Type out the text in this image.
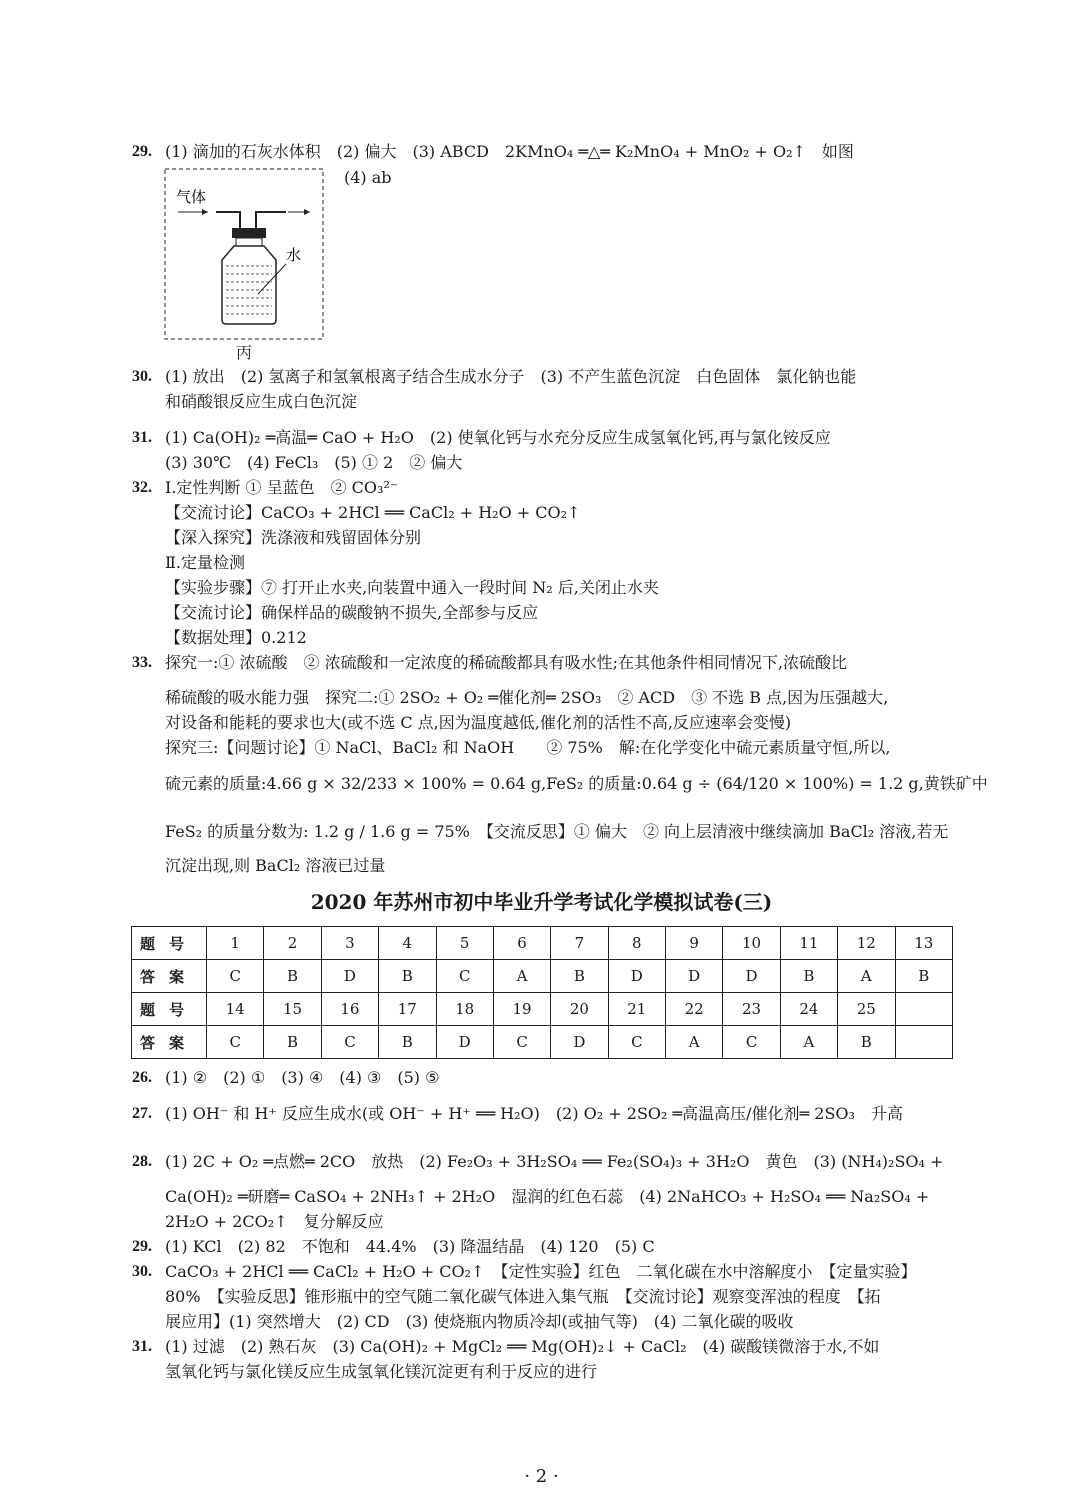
29. (1) 滴加的石灰水体积　(2) 偏大　(3) ABCD　2KMnO₄ ═△═ K₂MnO₄ + MnO₂ + O₂↑　如图
(4) ab
气体
水
丙
30. (1) 放出　(2) 氢离子和氢氧根离子结合生成水分子　(3) 不产生蓝色沉淀　白色固体　氯化钠也能
和硝酸银反应生成白色沉淀
31. (1) Ca(OH)₂ ═高温═ CaO + H₂O　(2) 使氧化钙与水充分反应生成氢氧化钙,再与氯化铵反应
(3) 30℃　(4) FeCl₃　(5) ① 2　② 偏大
32. Ⅰ.定性判断 ① 呈蓝色　② CO₃²⁻
【交流讨论】CaCO₃ + 2HCl ══ CaCl₂ + H₂O + CO₂↑
【深入探究】洗涤液和残留固体分别
Ⅱ.定量检测
【实验步骤】⑦ 打开止水夹,向装置中通入一段时间 N₂ 后,关闭止水夹
【交流讨论】确保样品的碳酸钠不损失,全部参与反应
【数据处理】0.212
33. 探究一:① 浓硫酸　② 浓硫酸和一定浓度的稀硫酸都具有吸水性;在其他条件相同情况下,浓硫酸比
稀硫酸的吸水能力强　探究二:① 2SO₂ + O₂ ═催化剂═ 2SO₃　② ACD　③ 不选 B 点,因为压强越大,
对设备和能耗的要求也大(或不选 C 点,因为温度越低,催化剂的活性不高,反应速率会变慢)
探究三:【问题讨论】① NaCl、BaCl₂ 和 NaOH　　② 75%　解:在化学变化中硫元素质量守恒,所以,
硫元素的质量:4.66 g × 32/233 × 100% = 0.64 g,FeS₂ 的质量:0.64 g ÷ (64/120 × 100%) = 1.2 g,黄铁矿中
FeS₂ 的质量分数为: 1.2 g / 1.6 g = 75%　【交流反思】① 偏大　② 向上层清液中继续滴加 BaCl₂ 溶液,若无
沉淀出现,则 BaCl₂ 溶液已过量
2020 年苏州市初中毕业升学考试化学模拟试卷(三)
题号	1	2	3	4	5	6	7	8	9	10	11	12	13
答案	C	B	D	B	C	A	B	D	D	D	B	A	B
题号	14	15	16	17	18	19	20	21	22	23	24	25	
答案	C	B	C	B	D	C	D	C	A	C	A	B	
26. (1) ②　(2) ①　(3) ④　(4) ③　(5) ⑤
27. (1) OH⁻ 和 H⁺ 反应生成水(或 OH⁻ + H⁺ ══ H₂O)　(2) O₂ + 2SO₂ ═高温高压/催化剂═ 2SO₃　升高
28. (1) 2C + O₂ ═点燃═ 2CO　放热　(2) Fe₂O₃ + 3H₂SO₄ ══ Fe₂(SO₄)₃ + 3H₂O　黄色　(3) (NH₄)₂SO₄ +
Ca(OH)₂ ═研磨═ CaSO₄ + 2NH₃↑ + 2H₂O　湿润的红色石蕊　(4) 2NaHCO₃ + H₂SO₄ ══ Na₂SO₄ +
2H₂O + 2CO₂↑　复分解反应
29. (1) KCl　(2) 82　不饱和　44.4%　(3) 降温结晶　(4) 120　(5) C
30. CaCO₃ + 2HCl ══ CaCl₂ + H₂O + CO₂↑　【定性实验】红色　二氧化碳在水中溶解度小　【定量实验】
80%　【实验反思】锥形瓶中的空气随二氧化碳气体进入集气瓶　【交流讨论】观察变浑浊的程度　【拓
展应用】(1) 突然增大　(2) CD　(3) 使烧瓶内物质冷却(或抽气等)　(4) 二氧化碳的吸收
31. (1) 过滤　(2) 熟石灰　(3) Ca(OH)₂ + MgCl₂ ══ Mg(OH)₂↓ + CaCl₂　(4) 碳酸镁微溶于水,不如
氢氧化钙与氯化镁反应生成氢氧化镁沉淀更有利于反应的进行
· 2 ·
